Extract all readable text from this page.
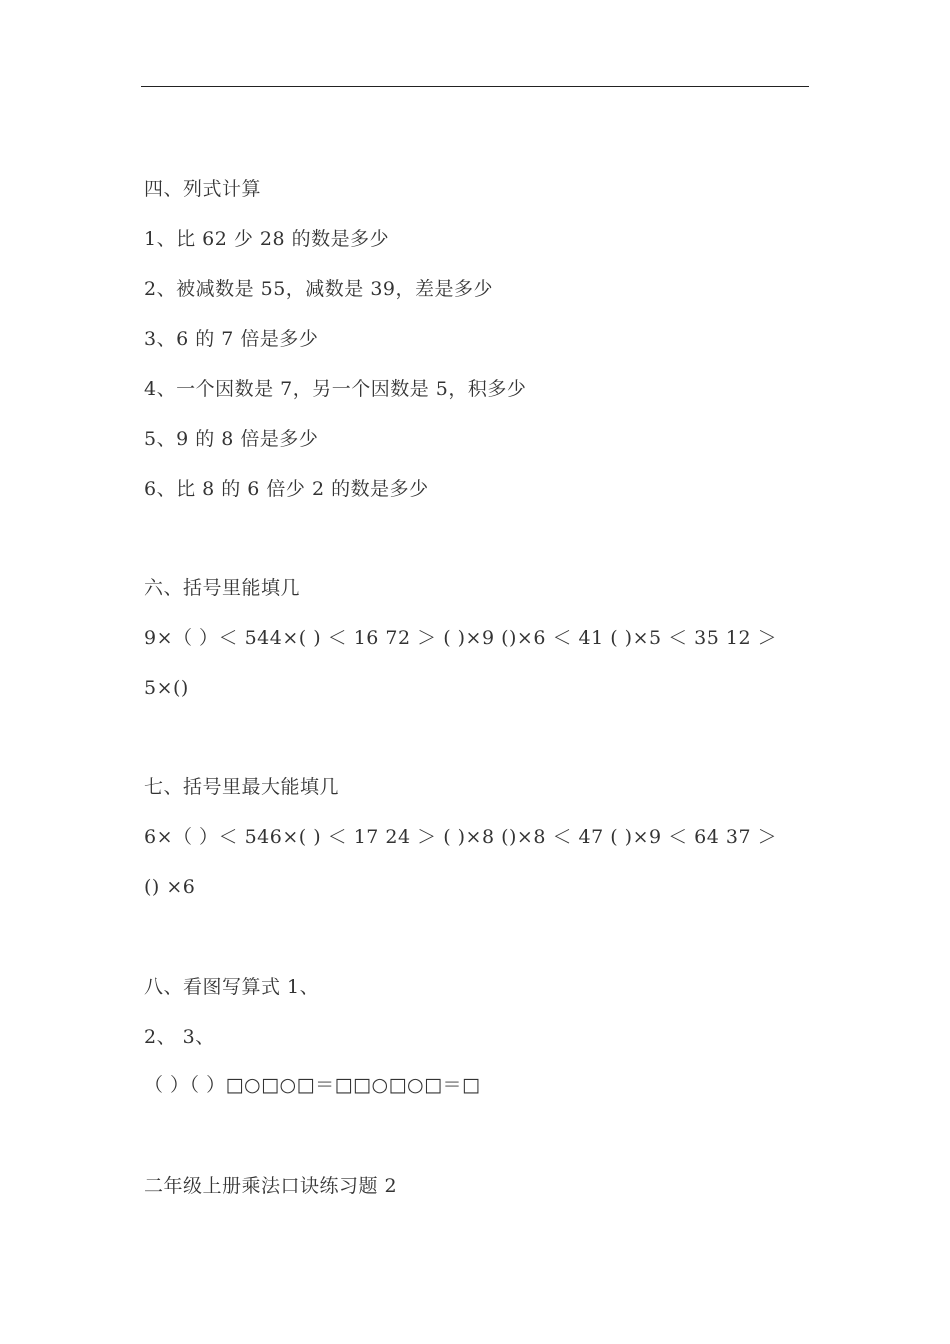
四、列式计算
1、比 62 少 28 的数是多少
2、被减数是 55，减数是 39，差是多少
3、6 的 7 倍是多少
4、一个因数是 7，另一个因数是 5，积多少
5、9 的 8 倍是多少
6、比 8 的 6 倍少 2 的数是多少
六、括号里能填几
9×（ ）＜ 544×( ) ＜ 16 72 ＞ ( )×9 ()×6 ＜ 41 ( )×5 ＜ 35 12 ＞
5×()
七、括号里最大能填几
6×（ ）＜ 546×( ) ＜ 17 24 ＞ ( )×8 ()×8 ＜ 47 ( )×9 ＜ 64 37 ＞
() ×6
八、看图写算式 1、
2、 3、
（ ）（ ）□○□○□＝□□○□○□＝□
二年级上册乘法口诀练习题 2
